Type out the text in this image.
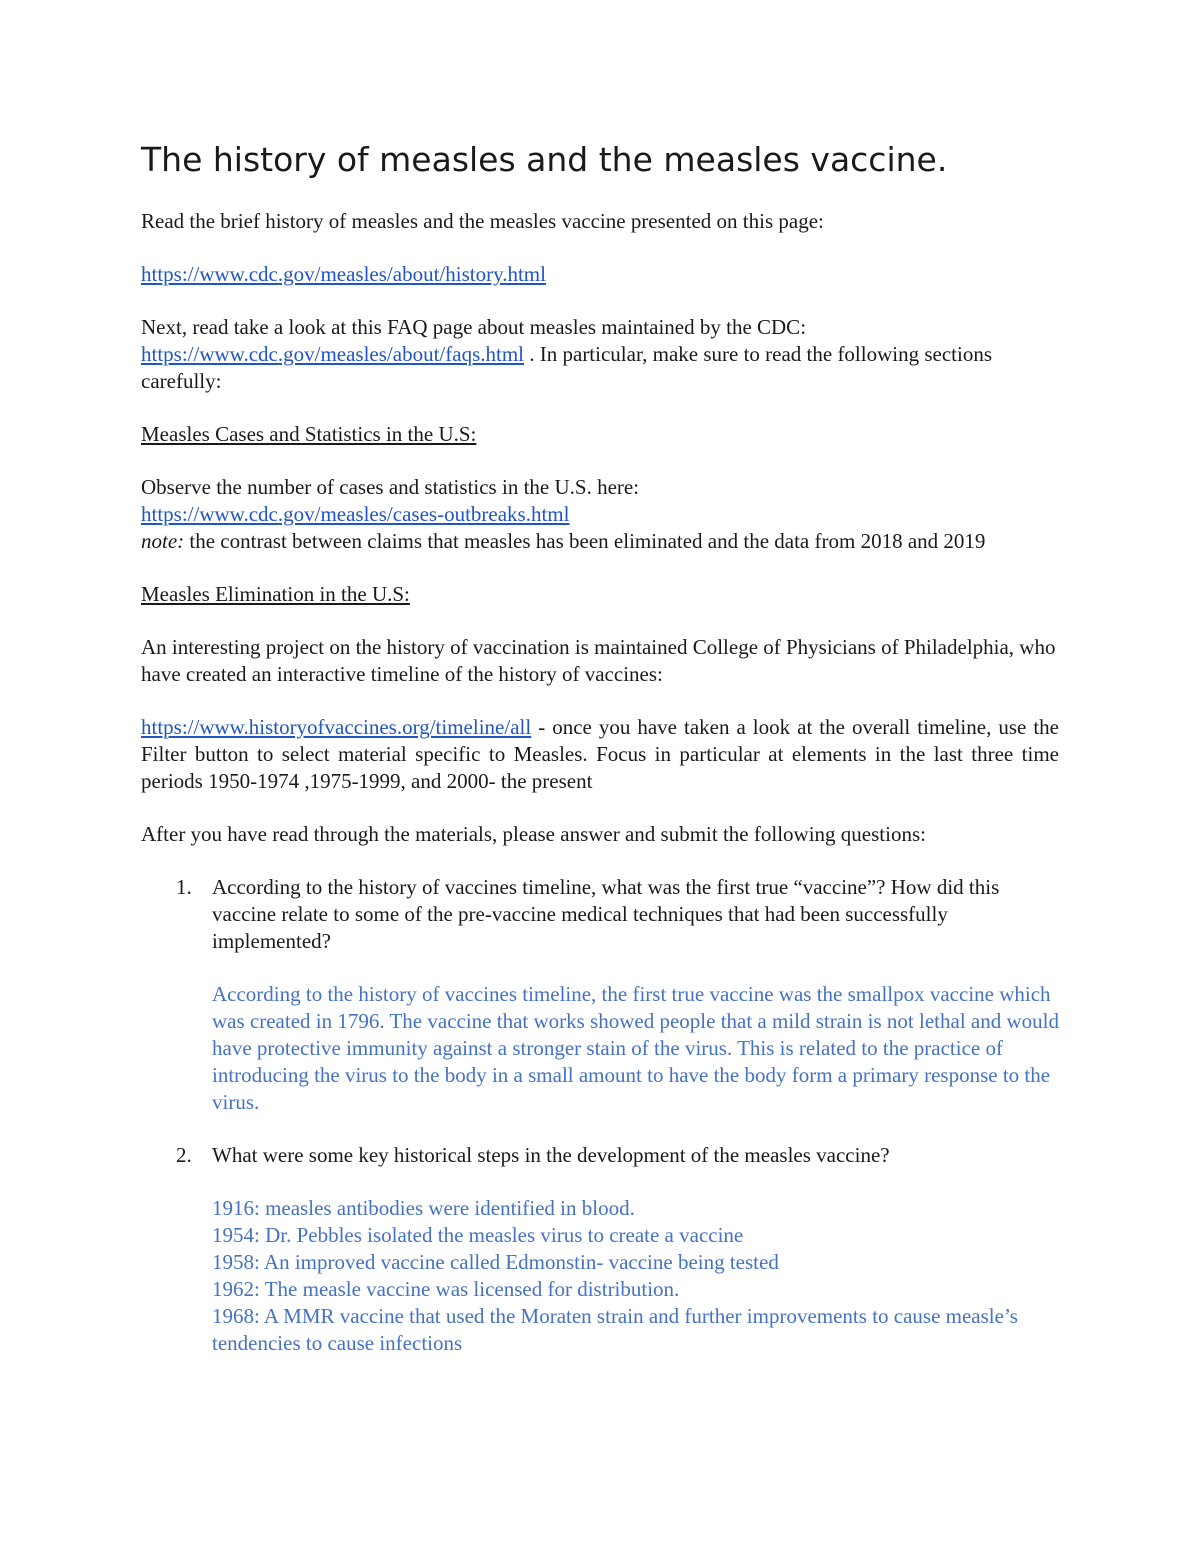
The history of measles and the measles vaccine.

Read the brief history of measles and the measles vaccine presented on this page:

https://www.cdc.gov/measles/about/history.html

Next, read take a look at this FAQ page about measles maintained by the CDC: https://www.cdc.gov/measles/about/faqs.html . In particular, make sure to read the following sections carefully:

Measles Cases and Statistics in the U.S:

Observe the number of cases and statistics in the U.S. here:
https://www.cdc.gov/measles/cases-outbreaks.html
note: the contrast between claims that measles has been eliminated and the data from 2018 and 2019

Measles Elimination in the U.S:

An interesting project on the history of vaccination is maintained College of Physicians of Philadelphia, who have created an interactive timeline of the history of vaccines:

https://www.historyofvaccines.org/timeline/all - once you have taken a look at the overall timeline, use the Filter button to select material specific to Measles. Focus in particular at elements in the last three time periods 1950-1974 ,1975-1999, and 2000- the present

After you have read through the materials, please answer and submit the following questions:

1. According to the history of vaccines timeline, what was the first true “vaccine”? How did this vaccine relate to some of the pre-vaccine medical techniques that had been successfully implemented?
According to the history of vaccines timeline, the first true vaccine was the smallpox vaccine which was created in 1796. The vaccine that works showed people that a mild strain is not lethal and would have protective immunity against a stronger stain of the virus. This is related to the practice of introducing the virus to the body in a small amount to have the body form a primary response to the virus.
2. What were some key historical steps in the development of the measles vaccine?
1916: measles antibodies were identified in blood.
1954: Dr. Pebbles isolated the measles virus to create a vaccine
1958: An improved vaccine called Edmonstin- vaccine being tested
1962: The measle vaccine was licensed for distribution.
1968: A MMR vaccine that used the Moraten strain and further improvements to cause measle’s tendencies to cause infections
